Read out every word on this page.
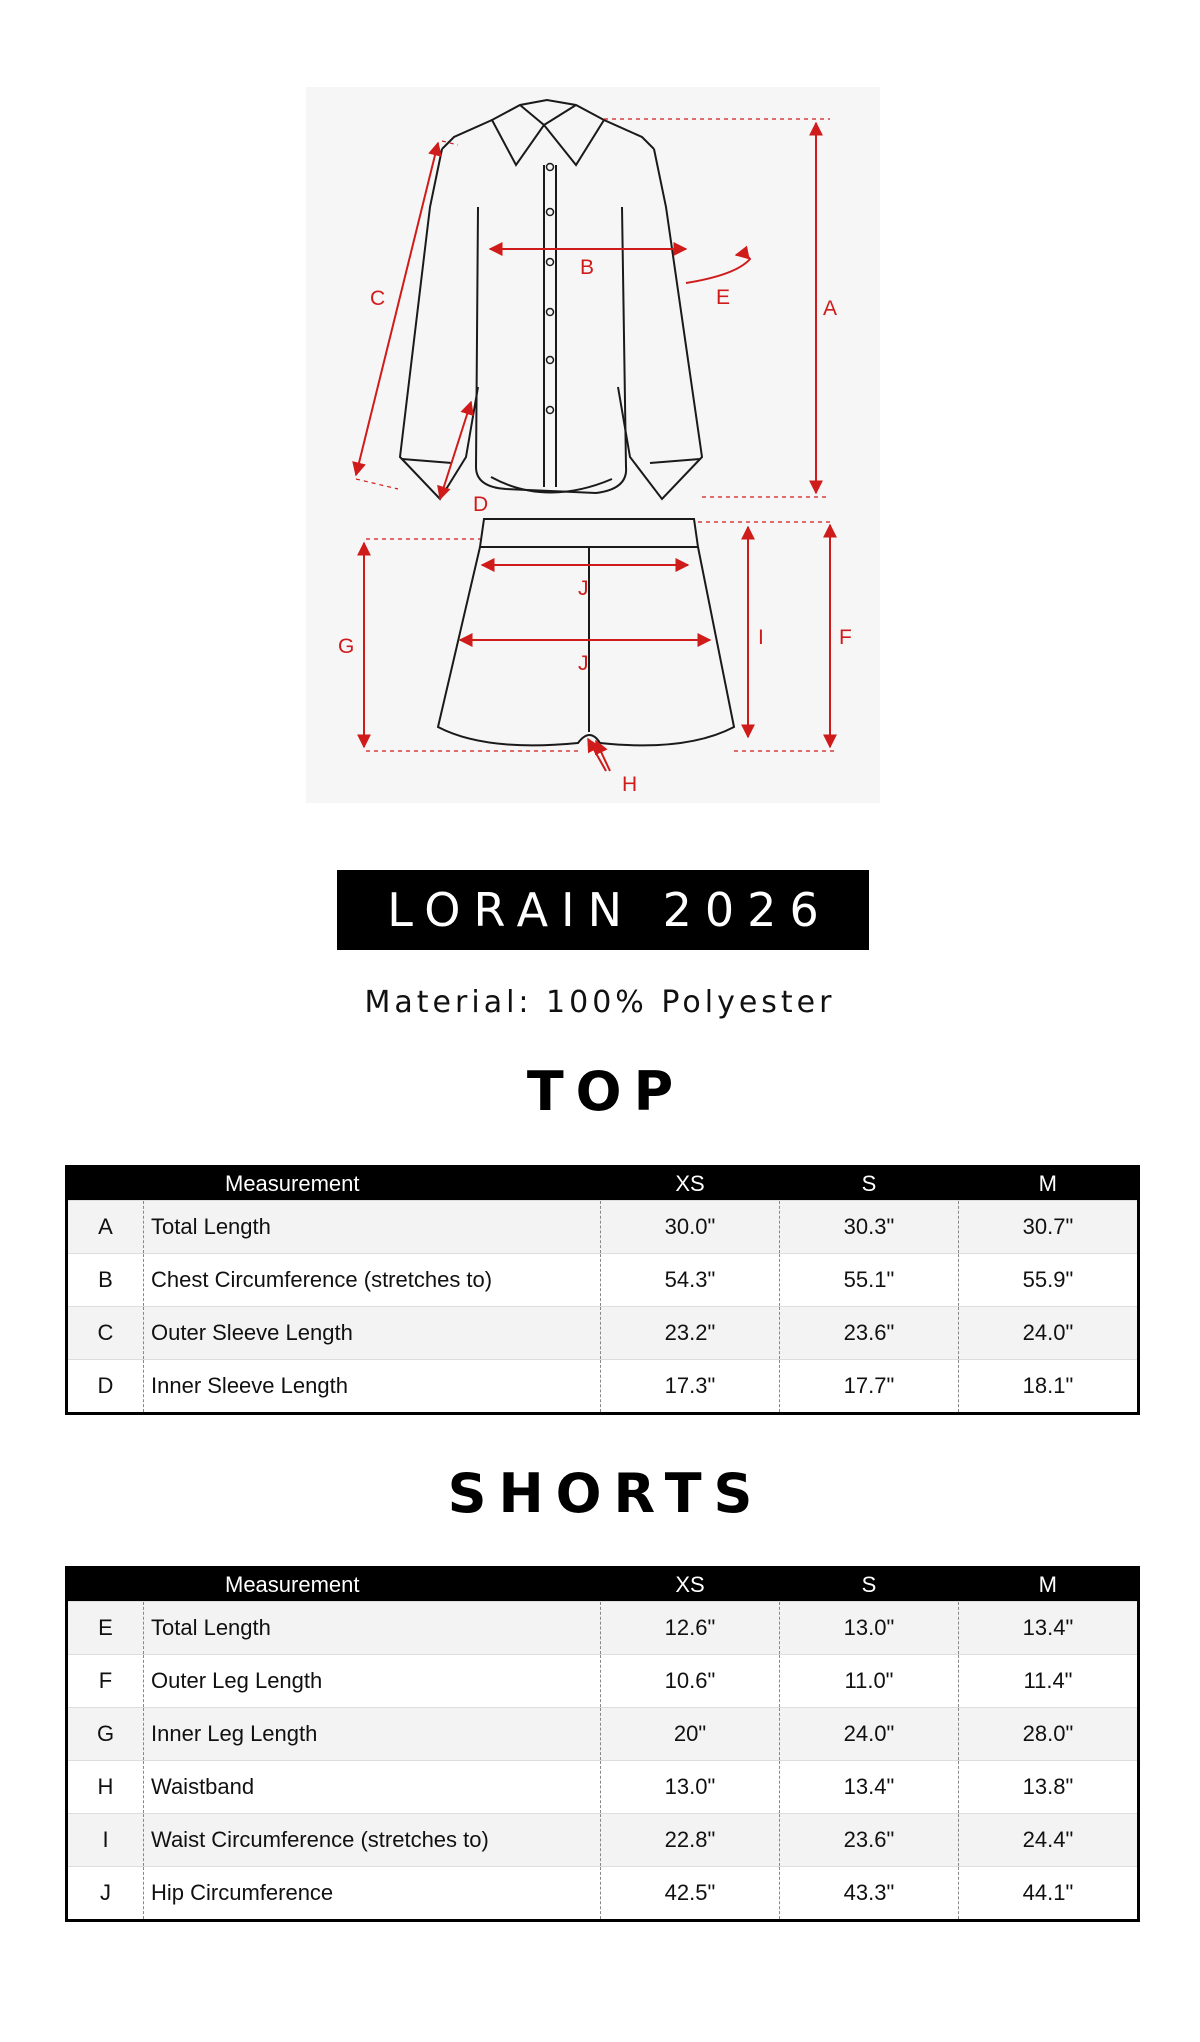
A
B
C
D
E
F
G
H
I
J
J
LORAIN 2026
Material: 100% Polyester
TOP
Measurement		XS	S	M
A	Total Length	30.0"	30.3"	30.7"
B	Chest Circumference (stretches to)	54.3"	55.1"	55.9"
C	Outer Sleeve Length	23.2"	23.6"	24.0"
D	Inner Sleeve Length	17.3"	17.7"	18.1"
SHORTS
Measurement		XS	S	M
E	Total Length	12.6"	13.0"	13.4"
F	Outer Leg Length	10.6"	11.0"	11.4"
G	Inner Leg Length	20"	24.0"	28.0"
H	Waistband	13.0"	13.4"	13.8"
I	Waist Circumference (stretches to)	22.8"	23.6"	24.4"
J	Hip Circumference	42.5"	43.3"	44.1"
